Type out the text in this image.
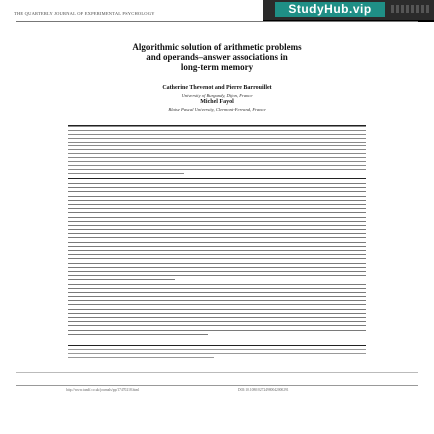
THE QUARTERLY JOURNAL OF EXPERIMENTAL PSYCHOLOGY	StudyHub.vip
Algorithmic solution of arithmetic problems
and operands–answer associations in
long-term memory
Catherine Thevenot and Pierre Barrouillet
University of Burgundy, Dijon, France
Michel Fayol
Blaise Pascal University, Clermont-Ferrand, France
http://www.tandf.co.uk/journals/pp/17470218.html	DOI:10.1080/02724980042000291
